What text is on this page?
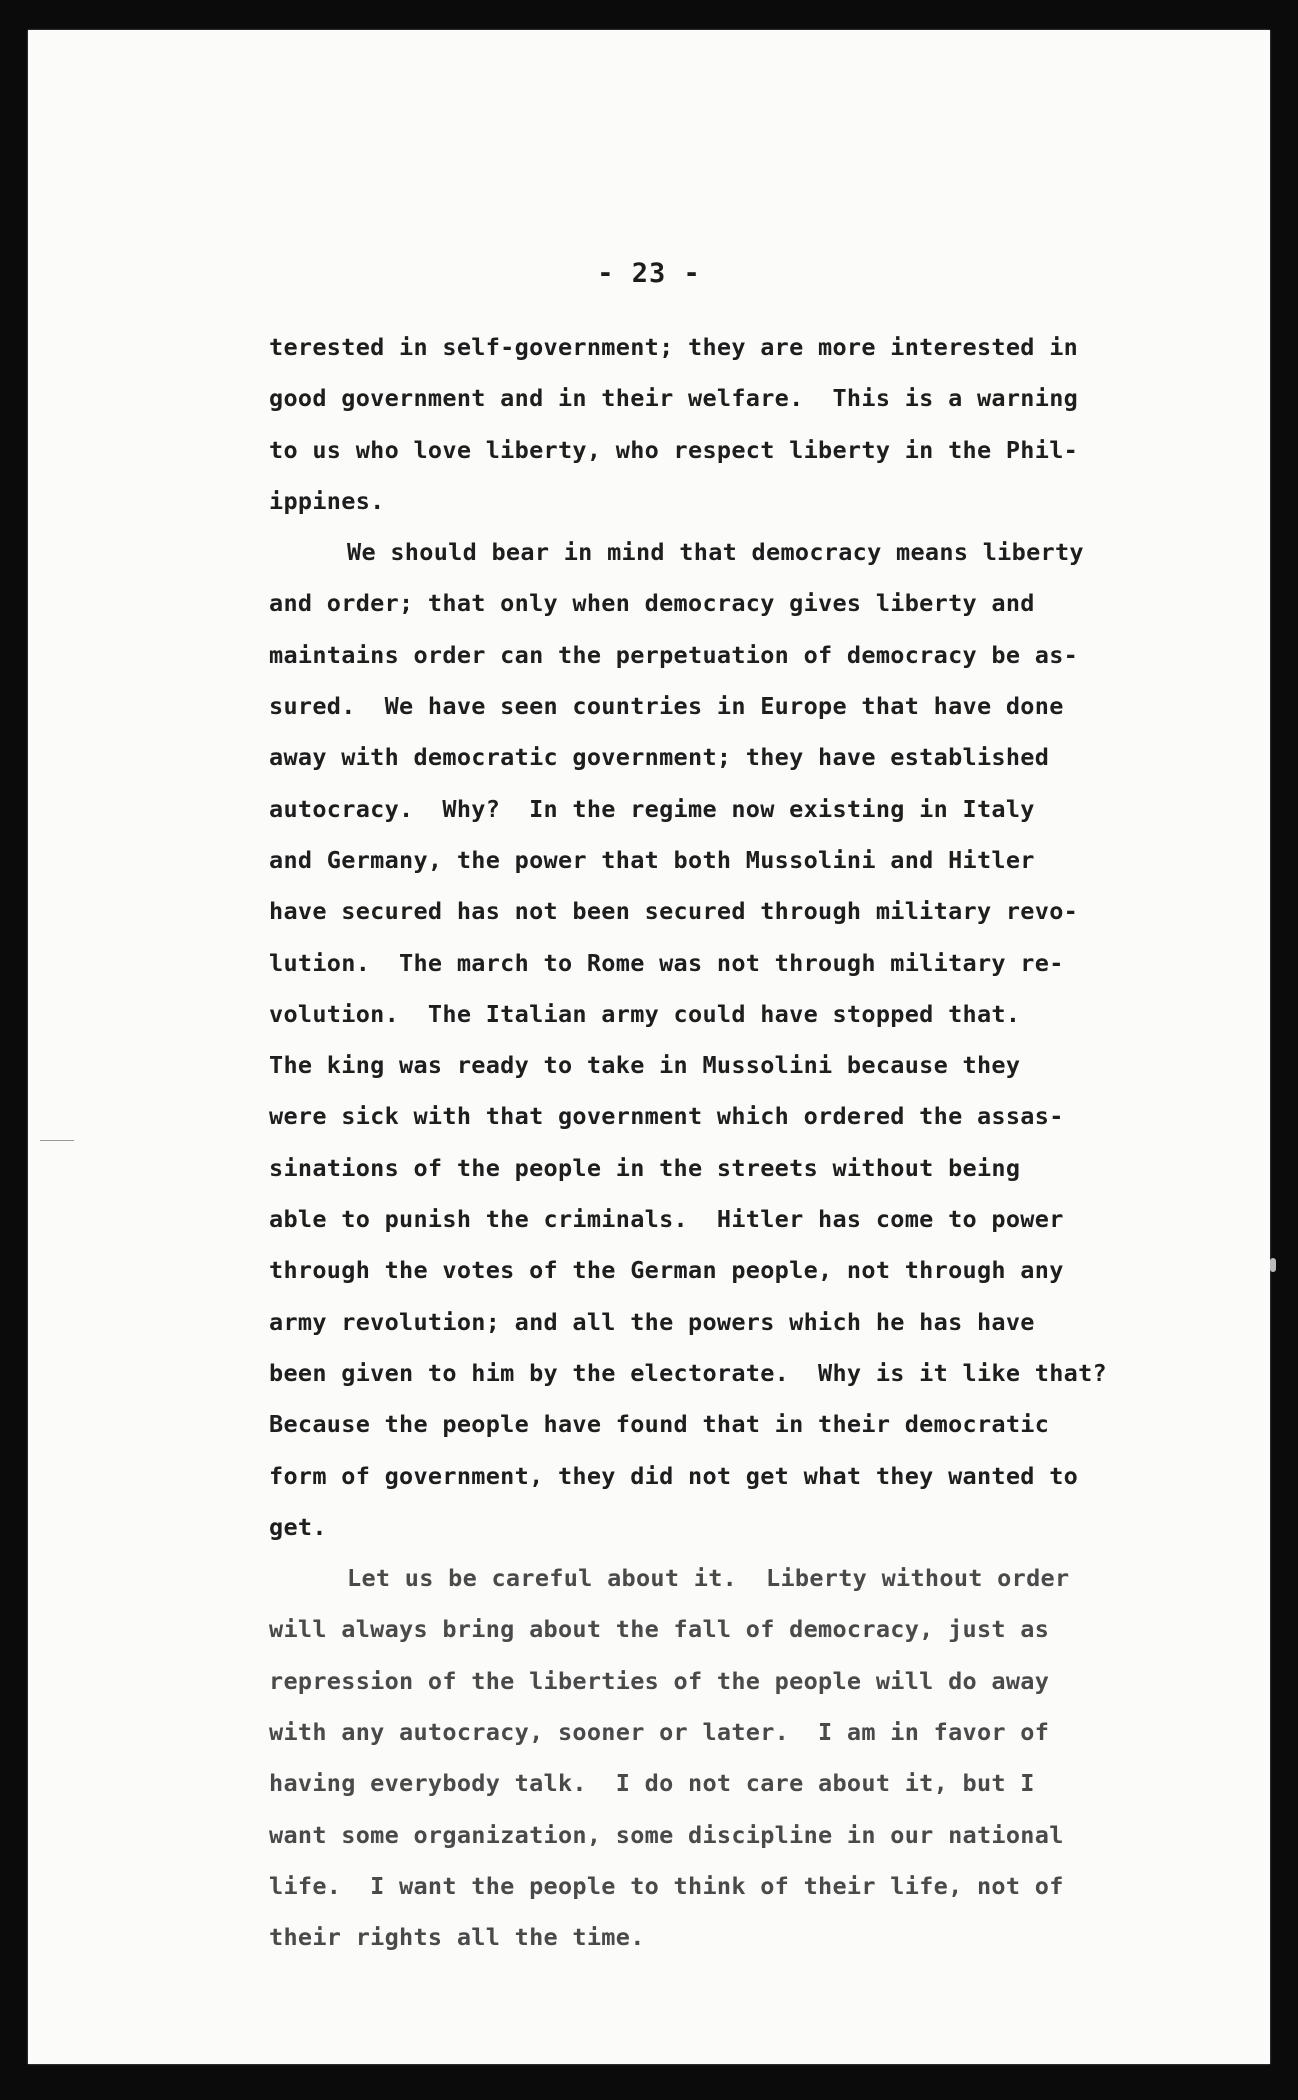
- 23 -
terested in self-government; they are more interested in
good government and in their welfare.  This is a warning
to us who love liberty, who respect liberty in the Phil-
ippines.
We should bear in mind that democracy means liberty
and order; that only when democracy gives liberty and
maintains order can the perpetuation of democracy be as-
sured.  We have seen countries in Europe that have done
away with democratic government; they have established
autocracy.  Why?  In the regime now existing in Italy
and Germany, the power that both Mussolini and Hitler
have secured has not been secured through military revo-
lution.  The march to Rome was not through military re-
volution.  The Italian army could have stopped that.
The king was ready to take in Mussolini because they
were sick with that government which ordered the assas-
sinations of the people in the streets without being
able to punish the criminals.  Hitler has come to power
through the votes of the German people, not through any
army revolution; and all the powers which he has have
been given to him by the electorate.  Why is it like that?
Because the people have found that in their democratic
form of government, they did not get what they wanted to
get.
Let us be careful about it.  Liberty without order
will always bring about the fall of democracy, just as
repression of the liberties of the people will do away
with any autocracy, sooner or later.  I am in favor of
having everybody talk.  I do not care about it, but I
want some organization, some discipline in our national
life.  I want the people to think of their life, not of
their rights all the time.
